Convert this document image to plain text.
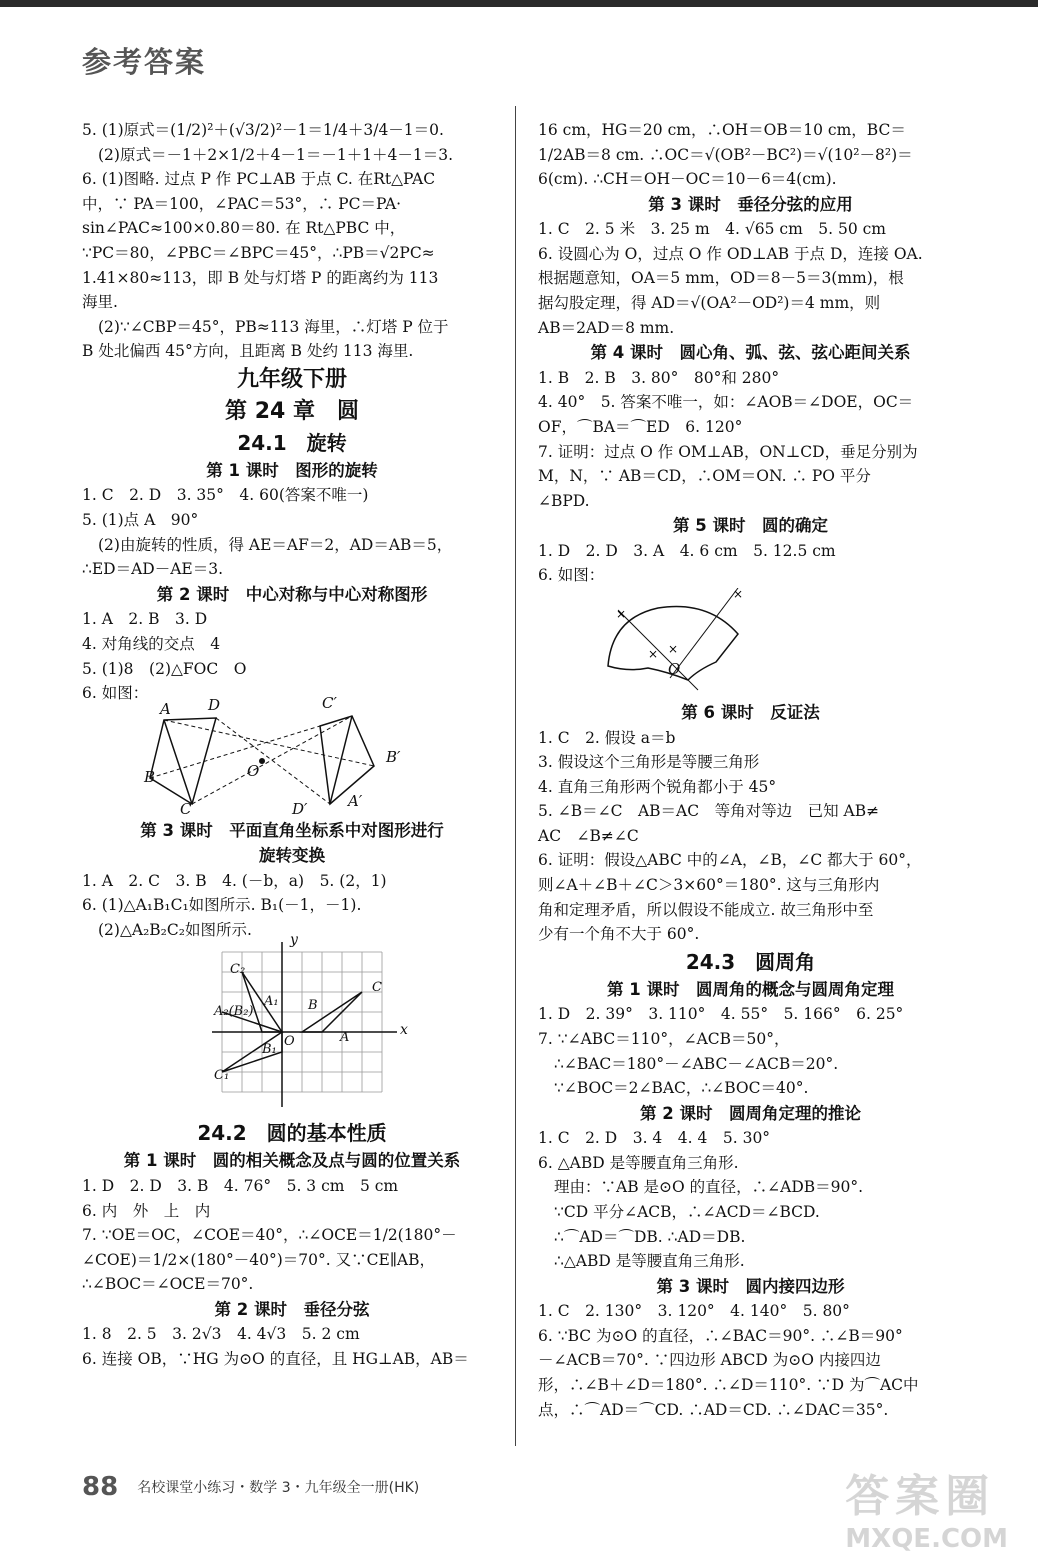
参考答案
5. (1)原式＝(1/2)²＋(√3/2)²－1＝1/4＋3/4－1＝0.
(2)原式＝－1＋2×1/2＋4－1＝－1＋1＋4－1＝3.
6. (1)图略. 过点 P 作 PC⊥AB 于点 C. 在Rt△PAC
中，∵ PA＝100，∠PAC＝53°，∴ PC＝PA·
sin∠PAC≈100×0.80＝80. 在 Rt△PBC 中，
∵PC＝80，∠PBC＝∠BPC＝45°，∴PB＝√2PC≈
1.41×80≈113，即 B 处与灯塔 P 的距离约为 113
海里.
(2)∵∠CBP＝45°，PB≈113 海里，∴灯塔 P 位于
B 处北偏西 45°方向，且距离 B 处约 113 海里.
九年级下册
第 24 章　圆
24.1　旋转
第 1 课时　图形的旋转
1. C　2. D　3. 35°　4. 60(答案不唯一)
5. (1)点 A　90°
(2)由旋转的性质，得 AE＝AF＝2，AD＝AB＝5，
∴ED＝AD－AE＝3.
第 2 课时　中心对称与中心对称图形
1. A　2. B　3. D
4. 对角线的交点　4
5. (1)8　(2)△FOC　O
6. 如图：
A D
B
C
O
C′
B′
A′
D′
第 3 课时　平面直角坐标系中对图形进行
旋转变换
1. A　2. C　3. B　4. (－b，a)　5. (2，1)
6. (1)△A₁B₁C₁如图所示. B₁(－1，－1).
(2)△A₂B₂C₂如图所示.
y
x
C₂
A₂(B₂)
A₁ B
C
A
O
B₁
C₁
24.2　圆的基本性质
第 1 课时　圆的相关概念及点与圆的位置关系
1. D　2. D　3. B　4. 76°　5. 3 cm　5 cm
6. 内　外　上　内
7. ∵OE＝OC，∠COE＝40°，∴∠OCE＝1/2(180°－
∠COE)＝1/2×(180°－40°)＝70°. 又∵CE∥AB，
∴∠BOC＝∠OCE＝70°.
第 2 课时　垂径分弦
1. 8　2. 5　3. 2√3　4. 4√3　5. 2 cm
6. 连接 OB，∵HG 为⊙O 的直径，且 HG⊥AB，AB＝
16 cm，HG＝20 cm，∴OH＝OB＝10 cm，BC＝
1/2AB＝8 cm. ∴OC＝√(OB²－BC²)＝√(10²－8²)＝
6(cm). ∴CH＝OH－OC＝10－6＝4(cm).
第 3 课时　垂径分弦的应用
1. C　2. 5 米　3. 25 m　4. √65 cm　5. 50 cm
6. 设圆心为 O，过点 O 作 OD⊥AB 于点 D，连接 OA.
根据题意知，OA＝5 mm，OD＝8－5＝3(mm)，根
据勾股定理，得 AD＝√(OA²－OD²)＝4 mm，则
AB＝2AD＝8 mm.
第 4 课时　圆心角、弧、弦、弦心距间关系
1. B　2. B　3. 80°　80°和 280°
4. 40°　5. 答案不唯一，如：∠AOB＝∠DOE，OC＝
OF，⌒BA＝⌒ED　6. 120°
7. 证明：过点 O 作 OM⊥AB，ON⊥CD，垂足分别为
M，N，∵ AB＝CD，∴OM＝ON. ∴ PO 平分
∠BPD.
第 5 课时　圆的确定
1. D　2. D　3. A　4. 6 cm　5. 12.5 cm
6. 如图：
×
×
× ×
O
第 6 课时　反证法
1. C　2. 假设 a＝b
3. 假设这个三角形是等腰三角形
4. 直角三角形两个锐角都小于 45°
5. ∠B＝∠C　AB＝AC　等角对等边　已知 AB≠
AC　∠B≠∠C
6. 证明：假设△ABC 中的∠A，∠B，∠C 都大于 60°，
则∠A＋∠B＋∠C＞3×60°＝180°. 这与三角形内
角和定理矛盾，所以假设不能成立. 故三角形中至
少有一个角不大于 60°.
24.3　圆周角
第 1 课时　圆周角的概念与圆周角定理
1. D　2. 39°　3. 110°　4. 55°　5. 166°　6. 25°
7. ∵∠ABC＝110°，∠ACB＝50°，
∴∠BAC＝180°－∠ABC－∠ACB＝20°.
∵∠BOC＝2∠BAC，∴∠BOC＝40°.
第 2 课时　圆周角定理的推论
1. C　2. D　3. 4　4. 4　5. 30°
6. △ABD 是等腰直角三角形.
理由：∵AB 是⊙O 的直径，∴∠ADB＝90°.
∵CD 平分∠ACB，∴∠ACD＝∠BCD.
∴⌒AD＝⌒DB. ∴AD＝DB.
∴△ABD 是等腰直角三角形.
第 3 课时　圆内接四边形
1. C　2. 130°　3. 120°　4. 140°　5. 80°
6. ∵BC 为⊙O 的直径，∴∠BAC＝90°. ∴∠B＝90°
－∠ACB＝70°. ∵四边形 ABCD 为⊙O 内接四边
形，∴∠B＋∠D＝180°. ∴∠D＝110°. ∵D 为⌒AC中
点，∴⌒AD＝⌒CD. ∴AD＝CD. ∴∠DAC＝35°.
88 名校课堂小练习・数学 3・九年级全一册(HK)	答案圈
MXQE.COM
